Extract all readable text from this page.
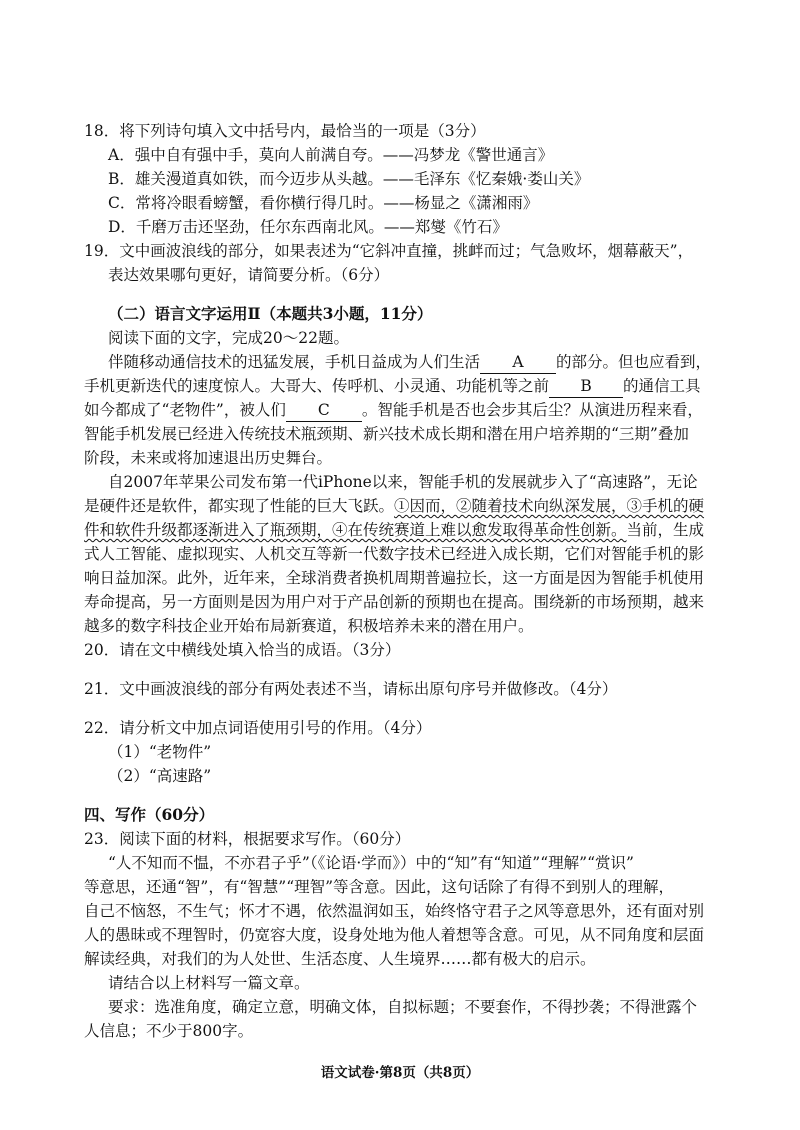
18．将下列诗句填入文中括号内，最恰当的一项是（3分）
A．强中自有强中手，莫向人前满自夸。——冯梦龙《警世通言》
B．雄关漫道真如铁，而今迈步从头越。——毛泽东《忆秦娥·娄山关》
C．常将冷眼看螃蟹，看你横行得几时。——杨显之《潇湘雨》
D．千磨万击还坚劲，任尔东西南北风。——郑燮《竹石》
19．文中画波浪线的部分，如果表述为“它斜冲直撞，挑衅而过；气急败坏，烟幕蔽天”，
表达效果哪句更好，请简要分析。（6分）
（二）语言文字运用Ⅱ（本题共3小题，11分）
阅读下面的文字，完成20～22题。
伴随移动通信技术的迅猛发展，手机日益成为人们生活 A 的部分。但也应看到，
手机更新迭代的速度惊人。大哥大、传呼机、小灵通、功能机等之前 B 的通信工具
如今都成了“老物件”，被人们 C 。智能手机是否也会步其后尘？从演进历程来看，
智能手机发展已经进入传统技术瓶颈期、新兴技术成长期和潜在用户培养期的“三期”叠加
阶段，未来或将加速退出历史舞台。
自2007年苹果公司发布第一代iPhone以来，智能手机的发展就步入了“高速路”，无论
是硬件还是软件，都实现了性能的巨大飞跃。①因而，②随着技术向纵深发展，③手机的硬
件和软件升级都逐渐进入了瓶颈期，④在传统赛道上难以愈发取得革命性创新。当前，生成
式人工智能、虚拟现实、人机交互等新一代数字技术已经进入成长期，它们对智能手机的影
响日益加深。此外，近年来，全球消费者换机周期普遍拉长，这一方面是因为智能手机使用
寿命提高，另一方面则是因为用户对于产品创新的预期也在提高。围绕新的市场预期，越来
越多的数字科技企业开始布局新赛道，积极培养未来的潜在用户。
20．请在文中横线处填入恰当的成语。（3分）
21．文中画波浪线的部分有两处表述不当，请标出原句序号并做修改。（4分）
22．请分析文中加点词语使用引号的作用。（4分）
（1）“老物件”
（2）“高速路”
四、写作（60分）
23．阅读下面的材料，根据要求写作。（60分）
“人不知而不愠，不亦君子乎”（《论语·学而》）中的“知”有“知道”“理解”“赏识”
等意思，还通“智”，有“智慧”“理智”等含意。因此，这句话除了有得不到别人的理解，
自己不恼怒，不生气；怀才不遇，依然温润如玉，始终恪守君子之风等意思外，还有面对别
人的愚昧或不理智时，仍宽容大度，设身处地为他人着想等含意。可见，从不同角度和层面
解读经典，对我们的为人处世、生活态度、人生境界……都有极大的启示。
请结合以上材料写一篇文章。
要求：选准角度，确定立意，明确文体，自拟标题；不要套作，不得抄袭；不得泄露个
人信息；不少于800字。
语文试卷·第8页（共8页）
